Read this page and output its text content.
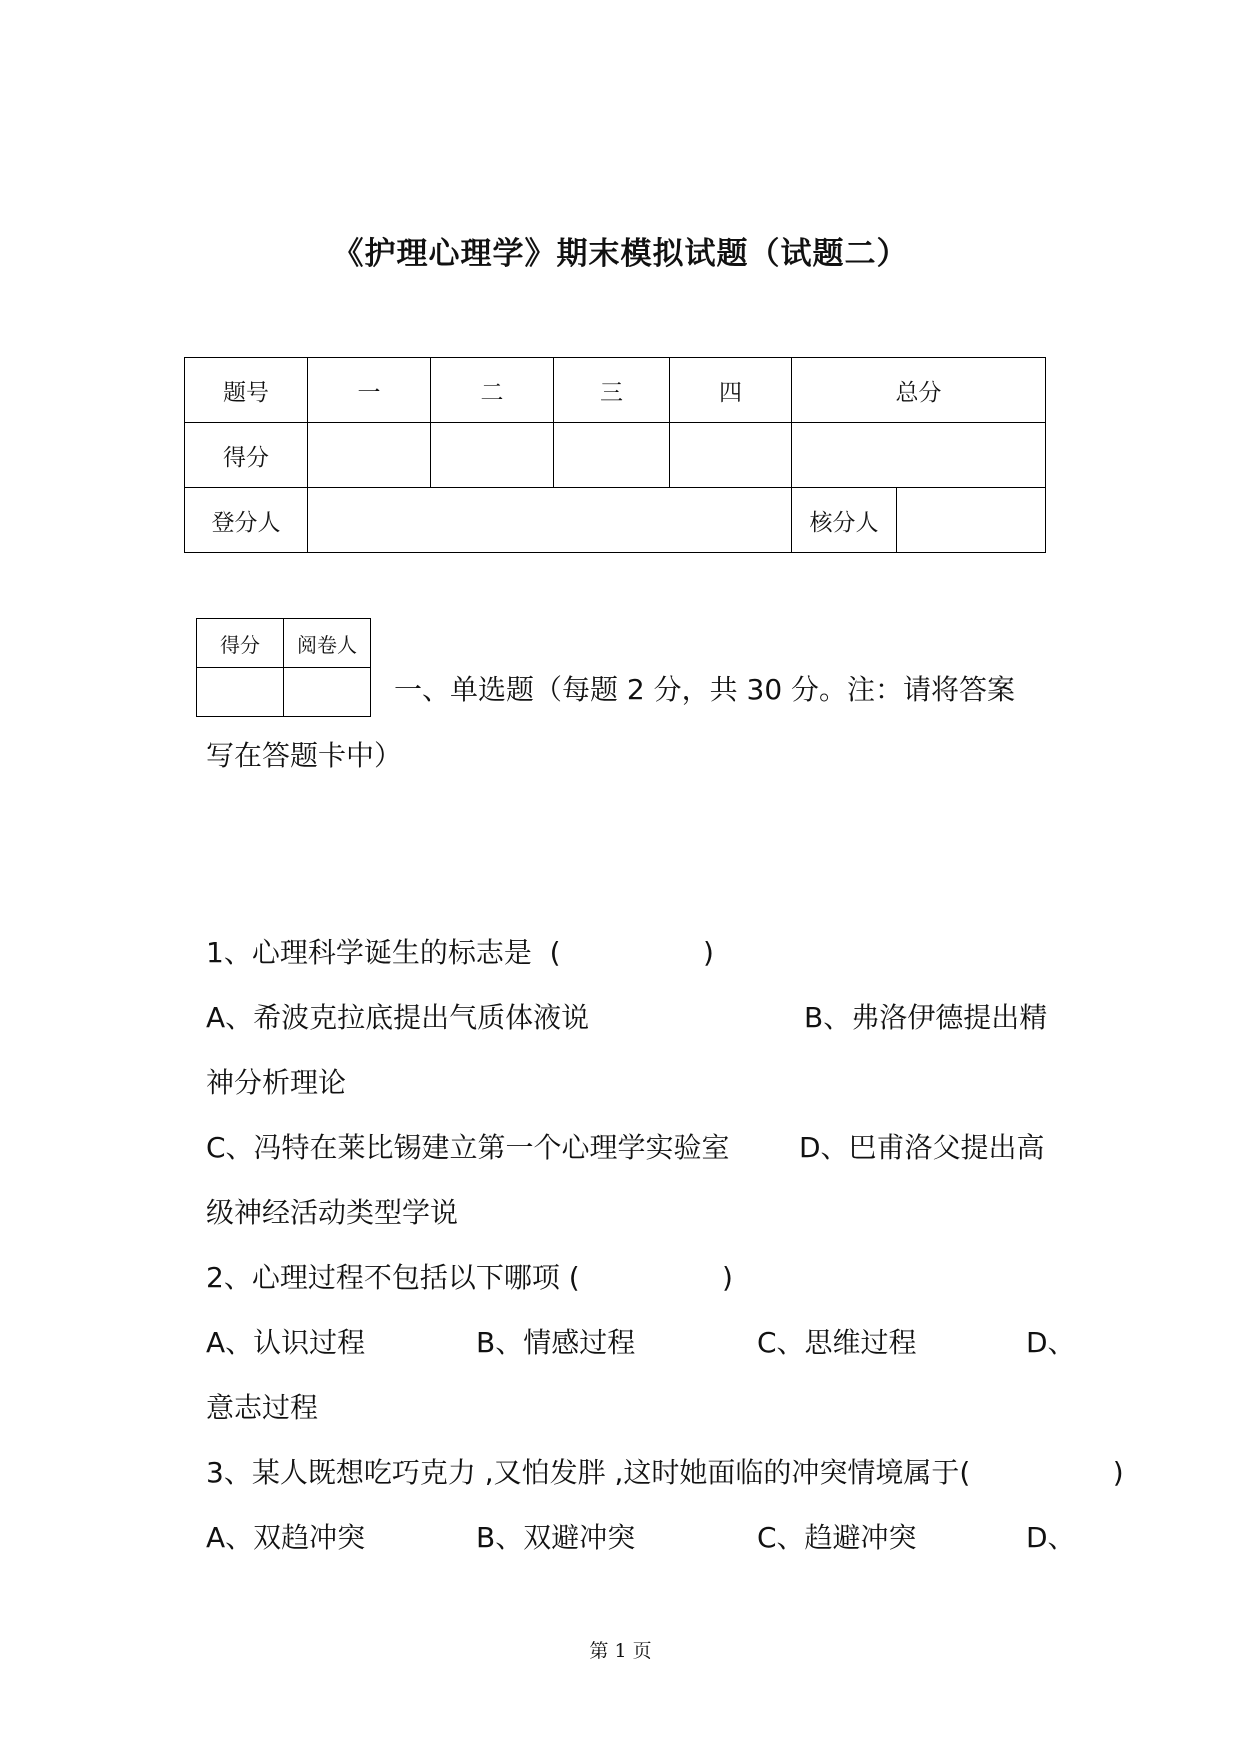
《护理心理学》期末模拟试题（试题二）
题号	一	二	三	四	总分	
得分						
登分人					核分人	
得分	阅卷人

一、单选题（每题 2 分，共 30 分。注：请将答案
写在答题卡中）
1、心理科学诞生的标志是  (                )
A、希波克拉底提出气质体液说	B、弗洛伊德提出精
神分析理论
C、冯特在莱比锡建立第一个心理学实验室 D、巴甫洛父提出高
级神经活动类型学说
2、心理过程不包括以下哪项 (                )
A、认识过程	B、情感过程	C、思维过程	D、
意志过程
3、某人既想吃巧克力 ,又怕发胖 ,这时她面临的冲突情境属于(                )
A、双趋冲突	B、双避冲突	C、趋避冲突	D、
第 1 页
